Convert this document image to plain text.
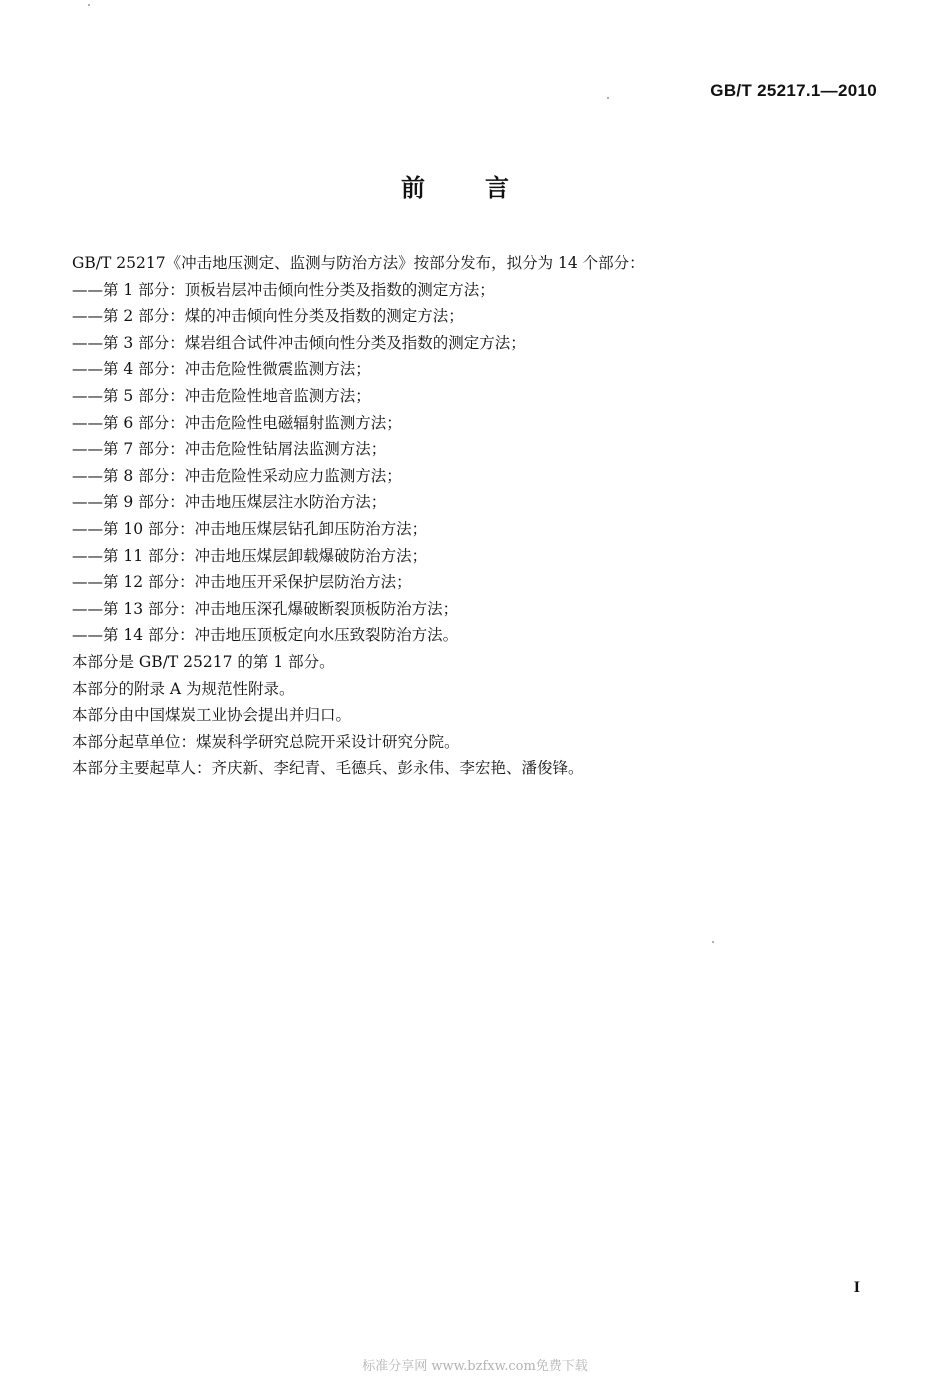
GB/T 25217.1—2010
前言
GB/T 25217《冲击地压测定、监测与防治方法》按部分发布，拟分为 14 个部分：
——第 1 部分：顶板岩层冲击倾向性分类及指数的测定方法；
——第 2 部分：煤的冲击倾向性分类及指数的测定方法；
——第 3 部分：煤岩组合试件冲击倾向性分类及指数的测定方法；
——第 4 部分：冲击危险性微震监测方法；
——第 5 部分：冲击危险性地音监测方法；
——第 6 部分：冲击危险性电磁辐射监测方法；
——第 7 部分：冲击危险性钻屑法监测方法；
——第 8 部分：冲击危险性采动应力监测方法；
——第 9 部分：冲击地压煤层注水防治方法；
——第 10 部分：冲击地压煤层钻孔卸压防治方法；
——第 11 部分：冲击地压煤层卸载爆破防治方法；
——第 12 部分：冲击地压开采保护层防治方法；
——第 13 部分：冲击地压深孔爆破断裂顶板防治方法；
——第 14 部分：冲击地压顶板定向水压致裂防治方法。
本部分是 GB/T 25217 的第 1 部分。
本部分的附录 A 为规范性附录。
本部分由中国煤炭工业协会提出并归口。
本部分起草单位：煤炭科学研究总院开采设计研究分院。
本部分主要起草人：齐庆新、李纪青、毛德兵、彭永伟、李宏艳、潘俊锋。
I
标准分享网 www.bzfxw.com免费下载
